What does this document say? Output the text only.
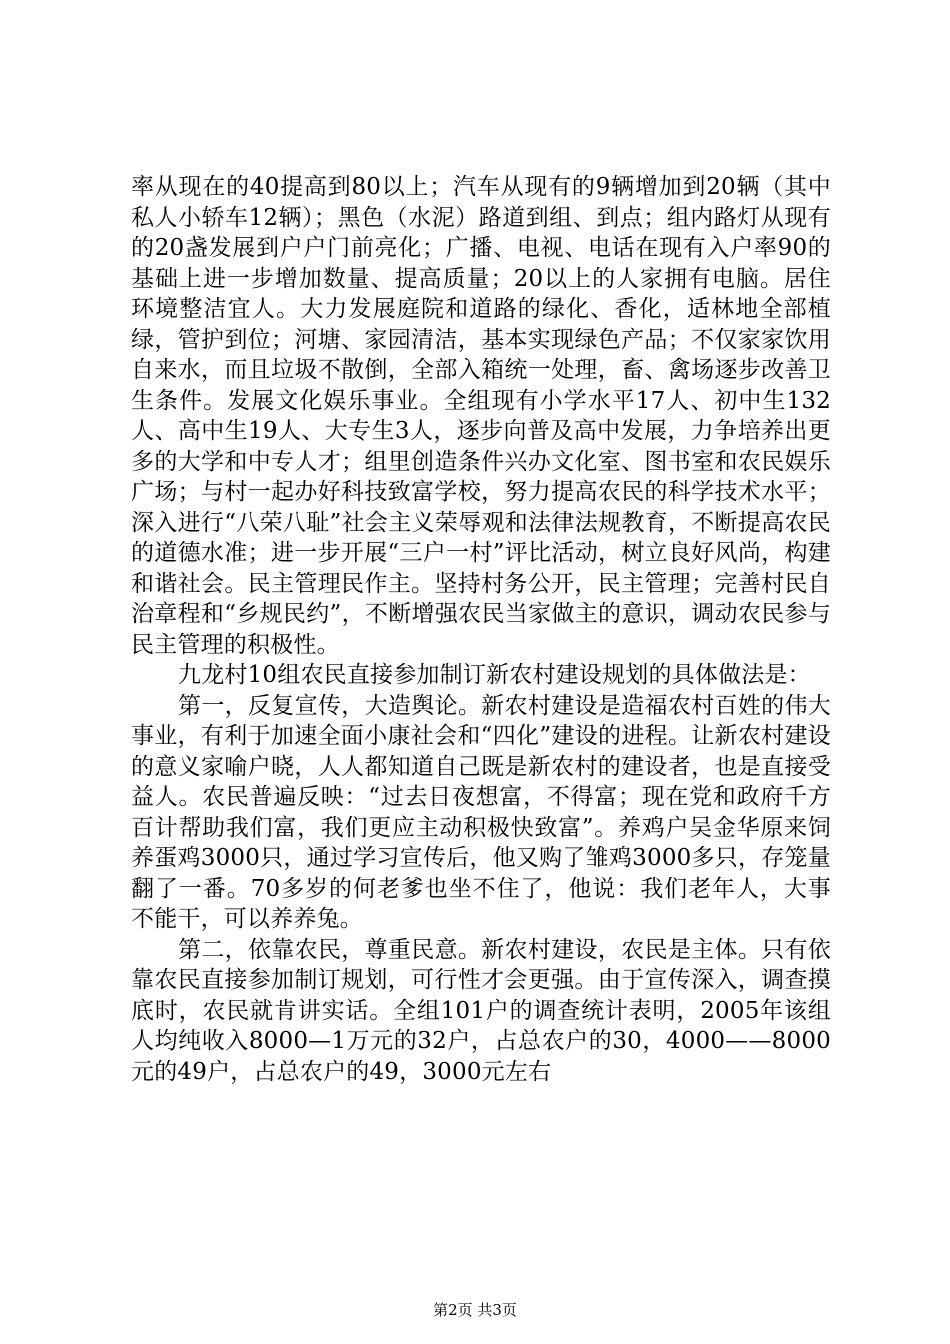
率从现在的40提高到80以上；汽车从现有的9辆增加到20辆（其中私人小轿车12辆）；黑色（水泥）路道到组、到点；组内路灯从现有的20盏发展到户户门前亮化；广播、电视、电话在现有入户率90的基础上进一步增加数量、提高质量；20以上的人家拥有电脑。居住环境整洁宜人。大力发展庭院和道路的绿化、香化，适林地全部植绿，管护到位；河塘、家园清洁，基本实现绿色产品；不仅家家饮用自来水，而且垃圾不散倒，全部入箱统一处理，畜、禽场逐步改善卫生条件。发展文化娱乐事业。全组现有小学水平17人、初中生132人、高中生19人、大专生3人，逐步向普及高中发展，力争培养出更多的大学和中专人才；组里创造条件兴办文化室、图书室和农民娱乐广场；与村一起办好科技致富学校，努力提高农民的科学技术水平；深入进行“八荣八耻”社会主义荣辱观和法律法规教育，不断提高农民的道德水准；进一步开展“三户一村”评比活动，树立良好风尚，构建和谐社会。民主管理民作主。坚持村务公开，民主管理；完善村民自治章程和“乡规民约”，不断增强农民当家做主的意识，调动农民参与民主管理的积极性。

九龙村10组农民直接参加制订新农村建设规划的具体做法是：

第一，反复宣传，大造舆论。新农村建设是造福农村百姓的伟大事业，有利于加速全面小康社会和“四化”建设的进程。让新农村建设的意义家喻户晓，人人都知道自己既是新农村的建设者，也是直接受益人。农民普遍反映：“过去日夜想富，不得富；现在党和政府千方百计帮助我们富，我们更应主动积极快致富”。养鸡户吴金华原来饲养蛋鸡3000只，通过学习宣传后，他又购了雏鸡3000多只，存笼量翻了一番。70多岁的何老爹也坐不住了，他说：我们老年人，大事不能干，可以养养兔。

第二，依靠农民，尊重民意。新农村建设，农民是主体。只有依靠农民直接参加制订规划，可行性才会更强。由于宣传深入，调查摸底时，农民就肯讲实话。全组101户的调查统计表明，2005年该组人均纯收入8000—1万元的32户，占总农户的30，4000——8000元的49户，占总农户的49，3000元左右

第2页 共3页
